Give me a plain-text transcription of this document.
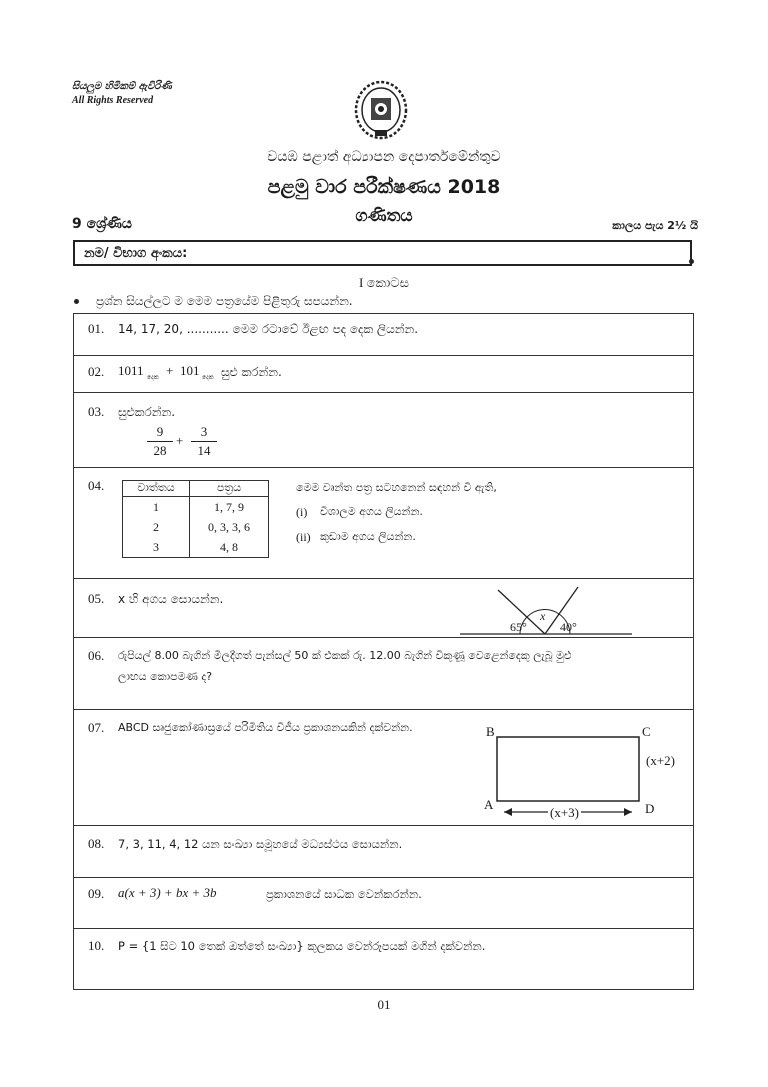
සියලුම හිමිකම් ඇවිරිණි
All Rights Reserved
වයඹ පළාත් අධ්‍යාපන දෙපාර්තමේන්තුව
පළමු වාර පරීක්ෂණය 2018
ගණිතය
9 ශ්‍රේණිය	කාලය පැය 2½ යි
නම/ විභාග අංකය:
I කොටස
ප්‍රශ්න සියල්ලට ම මෙම පත්‍රයේම පිළිතුරු සපයන්න.
01. 14, 17, 20, ........... මෙම රටාවේ ඊළඟ පද දෙක ලියන්න.
02. 1011 දෙක + 101 දෙක සුළු කරන්න.
03. සුළුකරන්න.
9
28
+
3
14
04.	වාත්තය	පත්‍රය
1	1, 7, 9
2	0, 3, 3, 6
3	4, 8
මෙම වෘන්ත පත්‍ර සටහනෙන් සඳහන් වී ඇති,
(i) විශාලම අගය ලියන්න.
(ii) කුඩාම අගය ලියන්න.
05. x හි අගය සොයන්න.
65°
x
40°
06. රුපියල් 8.00 බැගින් මිලදීගත් පැන්සල් 50 ක් එකක් රු. 12.00 බැගින් විකුණූ වෙළෙන්දෙකු ලැබූ මුළු
ලාභය කොපමණ ද?
07. ABCD සෘජුකෝණාස්‍රයේ පරිමිතිය වීජීය ප්‍රකාශනයකින් දක්වන්න.	B	C
A	D
(x+2)
(x+3)
08. 7, 3, 11, 4, 12 යන සංඛ්‍යා සමූහයේ මධ්‍යස්ථය සොයන්න.
09. a(x + 3) + bx + 3b	ප්‍රකාශනයේ සාධක වෙන්කරන්න.
10. P = {1 සිට 10 තෙක් ඔත්තේ සංඛ්‍යා} කුලකය වෙන්රූපයක් මගින් දක්වන්න.
01
